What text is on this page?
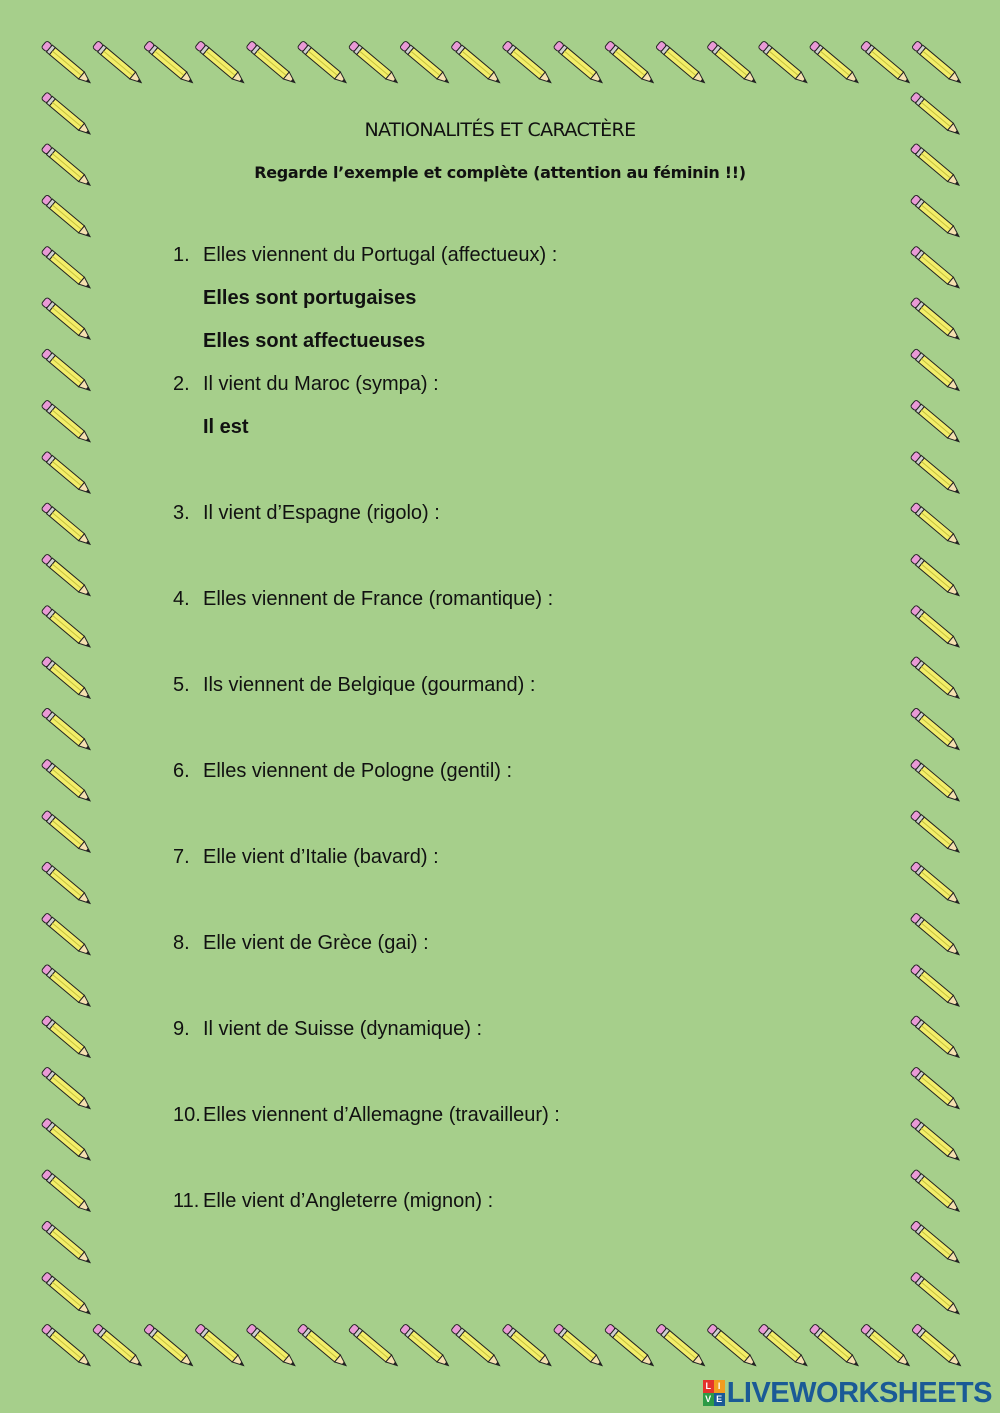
NATIONALITÉS ET CARACTÈRE
Regarde l’exemple et complète (attention au féminin !!)
1. Elles viennent du Portugal (affectueux) :
Elles sont portugaises
Elles sont affectueuses
2. Il vient du Maroc (sympa) :
Il est
3. Il vient d’Espagne (rigolo) :
4. Elles viennent de France (romantique) :
5. Ils viennent de Belgique (gourmand) :
6. Elles viennent de Pologne (gentil) :
7. Elle vient d’Italie (bavard) :
8. Elle vient de Grèce (gai) :
9. Il vient de Suisse (dynamique) :
10. Elles viennent d’Allemagne (travailleur) :
11. Elle vient d’Angleterre (mignon) :
L I
V E LIVEWORKSHEETS
